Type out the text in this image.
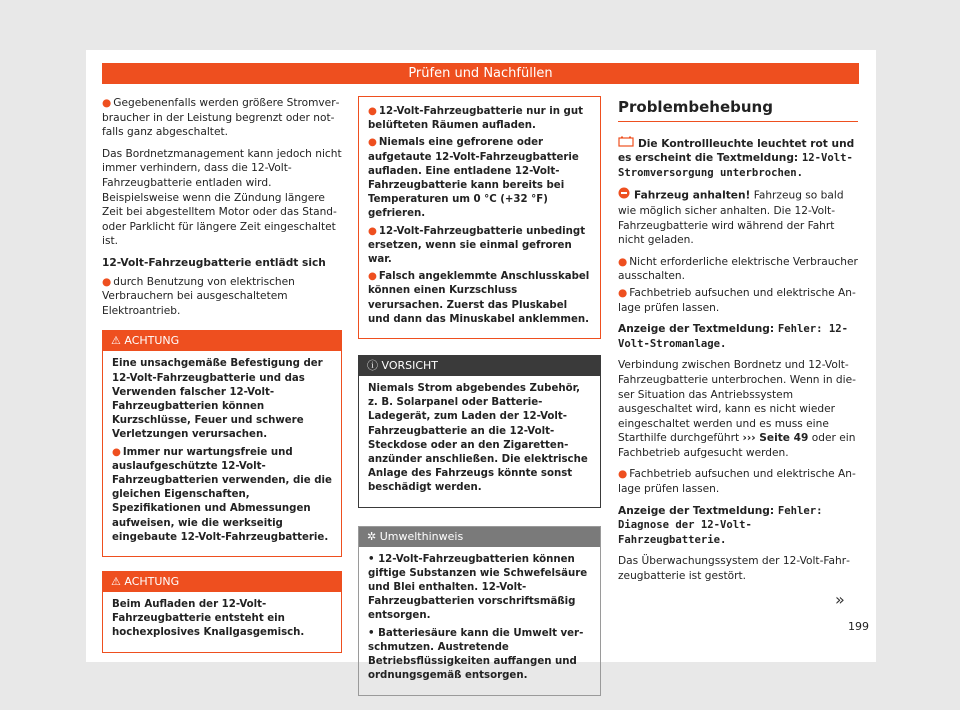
Prüfen und Nachfüllen

● Gegebenenfalls werden größere Stromverbraucher in der Leistung begrenzt oder notfalls ganz abgeschaltet.

Das Bordnetzmanagement kann jedoch nicht immer verhindern, dass die 12-Volt-Fahrzeugbatterie entladen wird. Beispielsweise wenn die Zündung längere Zeit bei abgestelltem Motor oder das Stand- oder Parklicht für längere Zeit eingeschaltet ist.

12-Volt-Fahrzeugbatterie entlädt sich

● durch Benutzung von elektrischen Verbrauchern bei ausgeschaltetem Elektroantrieb.

⚠ ACHTUNG

Eine unsachgemäße Befestigung der 12-Volt-Fahrzeugbatterie und das Verwenden falscher 12-Volt-Fahrzeugbatterien können Kurzschlüsse, Feuer und schwere Verletzungen verursachen.

● Immer nur wartungsfreie und auslaufgeschützte 12-Volt-Fahrzeugbatterien verwenden, die die gleichen Eigenschaften, Spezifikationen und Abmessungen aufweisen, wie die werkseitig eingebaute 12-Volt-Fahrzeugbatterie.

⚠ ACHTUNG

Beim Aufladen der 12-Volt-Fahrzeugbatterie entsteht ein hochexplosives Knallgasgemisch.

● 12-Volt-Fahrzeugbatterie nur in gut belüfteten Räumen aufladen.

● Niemals eine gefrorene oder aufgetaute 12-Volt-Fahrzeugbatterie aufladen. Eine entladene 12-Volt-Fahrzeugbatterie kann bereits bei Temperaturen um 0 °C (+32 °F) gefrieren.

● 12-Volt-Fahrzeugbatterie unbedingt ersetzen, wenn sie einmal gefroren war.

● Falsch angeklemmte Anschlusskabel können einen Kurzschluss verursachen. Zuerst das Pluskabel und dann das Minuskabel anklemmen.

ⓘ VORSICHT

Niemals Strom abgebendes Zubehör, z. B. Solarpanel oder Batterie-Ladegerät, zum Laden der 12-Volt-Fahrzeugbatterie an die 12-Volt-Steckdose oder an den Zigarettenanzünder anschließen. Die elektrische Anlage des Fahrzeugs könnte sonst beschädigt werden.

✲ Umwelthinweis

• 12-Volt-Fahrzeugbatterien können giftige Substanzen wie Schwefelsäure und Blei enthalten. 12-Volt-Fahrzeugbatterien vorschriftsmäßig entsorgen.

• Batteriesäure kann die Umwelt verschmutzen. Austretende Betriebsflüssigkeiten auffangen und ordnungsgemäß entsorgen.

Problembehebung

Die Kontrollleuchte leuchtet rot und es erscheint die Textmeldung: 12-Volt-Stromversorgung unterbrochen.

Fahrzeug anhalten! Fahrzeug so bald wie möglich sicher anhalten. Die 12-Volt-Fahrzeugbatterie wird während der Fahrt nicht geladen.

● Nicht erforderliche elektrische Verbraucher ausschalten.

● Fachbetrieb aufsuchen und elektrische Anlage prüfen lassen.

Anzeige der Textmeldung: Fehler: 12-Volt-Stromanlage.

Verbindung zwischen Bordnetz und 12-Volt-Fahrzeugbatterie unterbrochen. Wenn in dieser Situation das Antriebssystem ausgeschaltet wird, kann es nicht wieder eingeschaltet werden und es muss eine Starthilfe durchgeführt ››› Seite 49 oder ein Fachbetrieb aufgesucht werden.

● Fachbetrieb aufsuchen und elektrische Anlage prüfen lassen.

Anzeige der Textmeldung: Fehler: Diagnose der 12-Volt-Fahrzeugbatterie.

Das Überwachungssystem der 12-Volt-Fahrzeugbatterie ist gestört.

»
199
